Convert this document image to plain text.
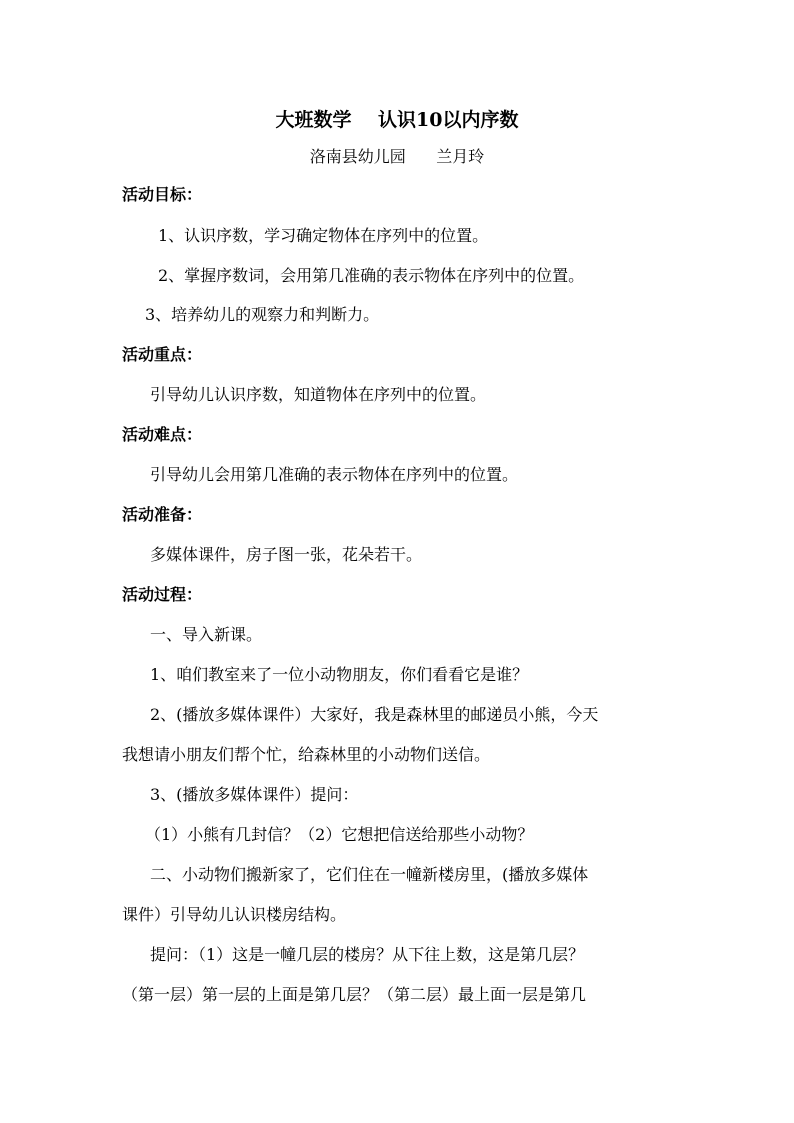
大班数学    认识10以内序数
洛南县幼儿园      兰月玲
活动目标：
1、认识序数，学习确定物体在序列中的位置。
2、掌握序数词，会用第几准确的表示物体在序列中的位置。
3、培养幼儿的观察力和判断力。
活动重点：
引导幼儿认识序数，知道物体在序列中的位置。
活动难点：
引导幼儿会用第几准确的表示物体在序列中的位置。
活动准备：
多媒体课件，房子图一张，花朵若干。
活动过程：
一、导入新课。
1、咱们教室来了一位小动物朋友，你们看看它是谁？
2、(播放多媒体课件）大家好，我是森林里的邮递员小熊，今天
我想请小朋友们帮个忙，给森林里的小动物们送信。
3、(播放多媒体课件）提问：
（1）小熊有几封信？（2）它想把信送给那些小动物？
二、小动物们搬新家了，它们住在一幢新楼房里，(播放多媒体
课件）引导幼儿认识楼房结构。
提问：（1）这是一幢几层的楼房？从下往上数，这是第几层？
（第一层）第一层的上面是第几层？（第二层）最上面一层是第几
